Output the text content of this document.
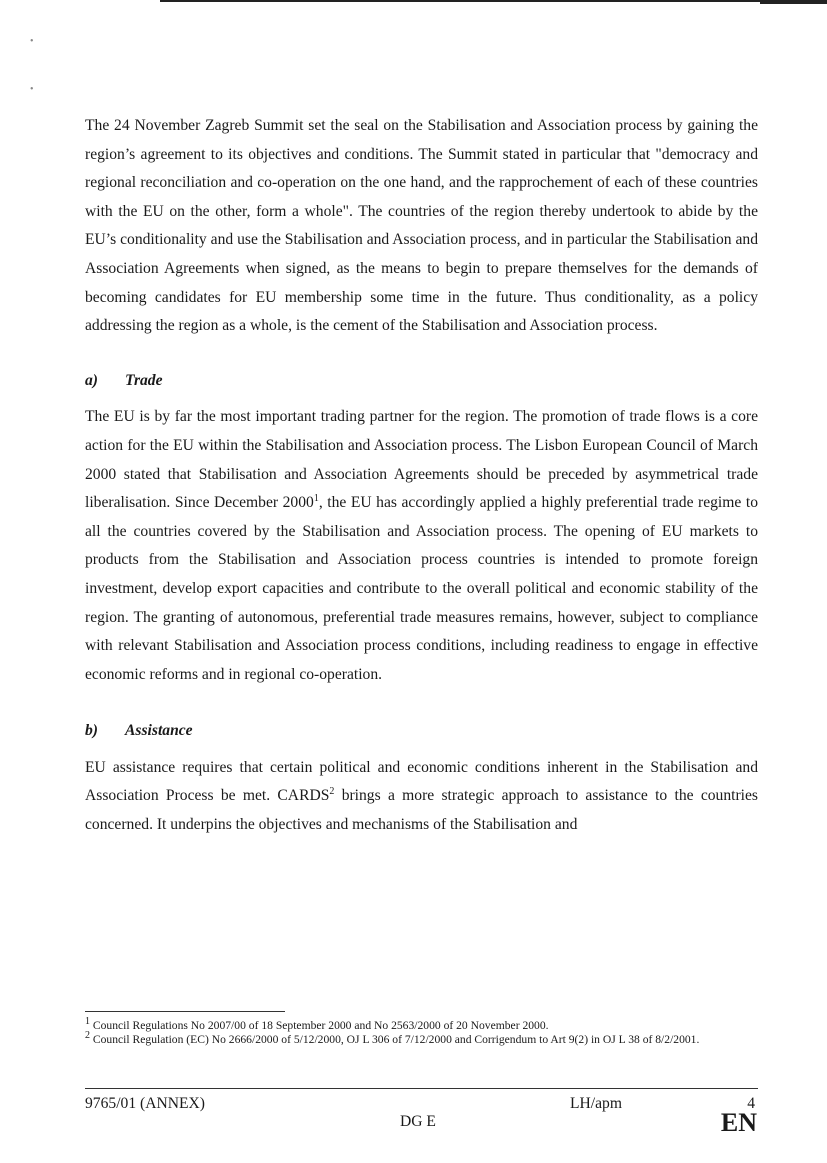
•
•

The 24 November Zagreb Summit set the seal on the Stabilisation and Association process by gaining the region’s agreement to its objectives and conditions. The Summit stated in particular that "democracy and regional reconciliation and co-operation on the one hand, and the rapprochement of each of these countries with the EU on the other, form a whole". The countries of the region thereby undertook to abide by the EU’s conditionality and use the Stabilisation and Association process, and in particular the Stabilisation and Association Agreements when signed, as the means to begin to prepare themselves for the demands of becoming candidates for EU membership some time in the future. Thus conditionality, as a policy addressing the region as a whole, is the cement of the Stabilisation and Association process.

a) Trade

The EU is by far the most important trading partner for the region. The promotion of trade flows is a core action for the EU within the Stabilisation and Association process. The Lisbon European Council of March 2000 stated that Stabilisation and Association Agreements should be preceded by asymmetrical trade liberalisation. Since December 2000$^1$, the EU has accordingly applied a highly preferential trade regime to all the countries covered by the Stabilisation and Association process. The opening of EU markets to products from the Stabilisation and Association process countries is intended to promote foreign investment, develop export capacities and contribute to the overall political and economic stability of the region. The granting of autonomous, preferential trade measures remains, however, subject to compliance with relevant Stabilisation and Association process conditions, including readiness to engage in effective economic reforms and in regional co-operation.

b) Assistance

EU assistance requires that certain political and economic conditions inherent in the Stabilisation and Association Process be met. CARDS$^2$ brings a more strategic approach to assistance to the countries concerned. It underpins the objectives and mechanisms of the Stabilisation and

$^1$ Council Regulations No 2007/00 of 18 September 2000 and No 2563/2000 of 20 November 2000.

$^2$ Council Regulation (EC) No 2666/2000 of 5/12/2000, OJ L 306 of 7/12/2000 and Corrigendum to Art 9(2) in OJ L 38 of 8/2/2001.

9765/01 (ANNEX)
DG E
LH/apm	4
EN
